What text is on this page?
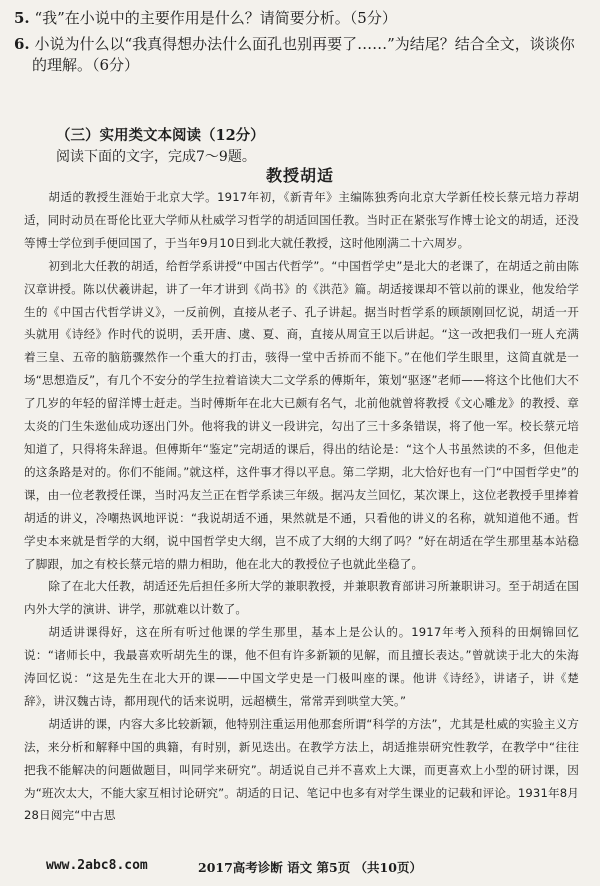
5. “我”在小说中的主要作用是什么？请简要分析。（5分）
6. 小说为什么以“我真得想办法什么面孔也别再要了……”为结尾？结合全文，谈谈你的理解。（6分）
（三）实用类文本阅读（12分）
阅读下面的文字，完成7～9题。
教授胡适

胡适的教授生涯始于北京大学。1917年初，《新青年》主编陈独秀向北京大学新任校长蔡元培力荐胡适，同时动员在哥伦比亚大学师从杜威学习哲学的胡适回国任教。当时正在紧张写作博士论文的胡适，还没等博士学位到手便回国了，于当年9月10日到北大就任教授，这时他刚满二十六周岁。

初到北大任教的胡适，给哲学系讲授“中国古代哲学”。“中国哲学史”是北大的老课了，在胡适之前由陈汉章讲授。陈以伏羲讲起，讲了一年才讲到《尚书》的《洪范》篇。胡适接课却不管以前的课业，他发给学生的《中国古代哲学讲义》，一反前例，直接从老子、孔子讲起。据当时哲学系的顾颉刚回忆说，胡适一开头就用《诗经》作时代的说明，丢开唐、虞、夏、商，直接从周宣王以后讲起。“这一改把我们一班人充满着三皇、五帝的脑筋骤然作一个重大的打击，骇得一堂中舌挢而不能下。”在他们学生眼里，这简直就是一场“思想造反”，有几个不安分的学生拉着谙读大二文学系的傅斯年，策划“驱逐”老师——将这个比他们大不了几岁的年轻的留洋博士赶走。当时傅斯年在北大已颇有名气，北前他就曾将教授《文心雕龙》的教授、章太炎的门生朱逖仙成功逐出门外。他将我的讲义一段讲完，勾出了三十多条错误，将了他一军。校长蔡元培知道了，只得将朱辞退。但傅斯年“鉴定”完胡适的课后，得出的结论是：“这个人书虽然读的不多，但他走的这条路是对的。你们不能闹。”就这样，这件事才得以平息。第二学期，北大恰好也有一门“中国哲学史”的课，由一位老教授任课，当时冯友兰正在哲学系读三年级。据冯友兰回忆，某次课上，这位老教授手里捧着胡适的讲义，冷嘲热讽地评说：“我说胡适不通，果然就是不通，只看他的讲义的名称，就知道他不通。哲学史本来就是哲学的大纲，说中国哲学史大纲，岂不成了大纲的大纲了吗？”好在胡适在学生那里基本站稳了脚跟，加之有校长蔡元培的鼎力相助，他在北大的教授位子也就此坐稳了。

除了在北大任教，胡适还先后担任多所大学的兼职教授，并兼职教育部讲习所兼职讲习。至于胡适在国内外大学的演讲、讲学，那就难以计数了。

胡适讲课得好，这在所有听过他课的学生那里，基本上是公认的。1917年考入预科的田炯锦回忆说：“诸师长中，我最喜欢听胡先生的课，他不但有许多新颖的见解，而且擅长表达。”曾就读于北大的朱海涛回忆说：“这是先生在北大开的课——中国文学史是一门极叫座的课。他讲《诗经》，讲诸子，讲《楚辞》，讲汉魏古诗，都用现代的话来说明，远超横生，常常弄到哄堂大笑。”

胡适讲的课，内容大多比较新颖，他特别注重运用他那套所谓“科学的方法”，尤其是杜威的实验主义方法，来分析和解释中国的典籍，有时别，新见迭出。在教学方法上，胡适推崇研究性教学，在教学中“往往把我不能解决的问题做题目，叫同学来研究”。胡适说自己并不喜欢上大课，而更喜欢上小型的研讨课，因为“班次太大，不能大家互相讨论研究”。胡适的日记、笔记中也多有对学生课业的记载和评论。1931年8月28日阅完“中古思

www.2abc8.com	2017高考诊断 语文 第5页 （共10页）
